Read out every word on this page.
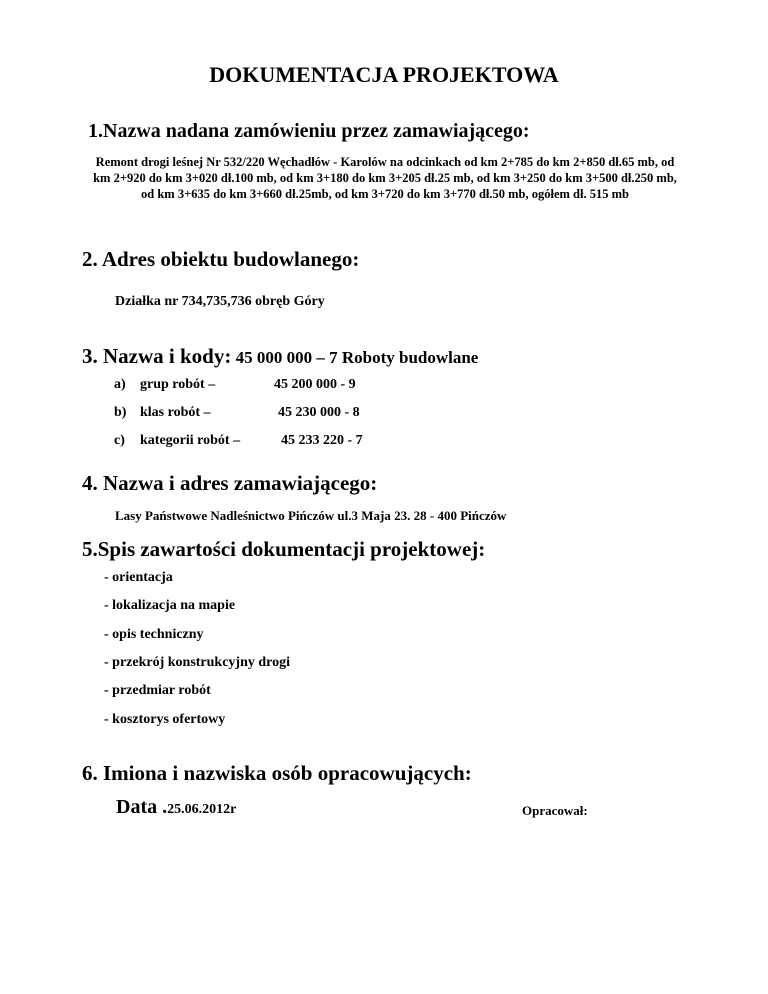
DOKUMENTACJA PROJEKTOWA
1.Nazwa nadana zamówieniu przez zamawiającego:
Remont drogi leśnej Nr 532/220 Węchadłów - Karolów na odcinkach od km 2+785 do km 2+850 dł.65 mb, od km 2+920 do km 3+020 dł.100 mb, od km 3+180 do km 3+205 dł.25 mb, od km 3+250 do km 3+500 dł.250 mb, od km 3+635 do km 3+660 dł.25mb, od km 3+720 do km 3+770 dł.50 mb, ogółem dł. 515 mb
2. Adres obiektu budowlanego:
Działka nr 734,735,736 obręb Góry
3. Nazwa i kody: 45 000 000 – 7 Roboty budowlane
a) grup robót –	45 200 000 - 9
b) klas robót –	45 230 000 - 8
c) kategorii robót –	45 233 220 - 7
4. Nazwa i adres zamawiającego:
Lasy Państwowe Nadleśnictwo Pińczów ul.3 Maja 23. 28 - 400 Pińczów
5.Spis zawartości dokumentacji projektowej:
- orientacja
- lokalizacja na mapie
- opis techniczny
- przekrój konstrukcyjny drogi
- przedmiar robót
- kosztorys ofertowy
6. Imiona i nazwiska osób opracowujących:
Data .25.06.2012r	Opracował:
